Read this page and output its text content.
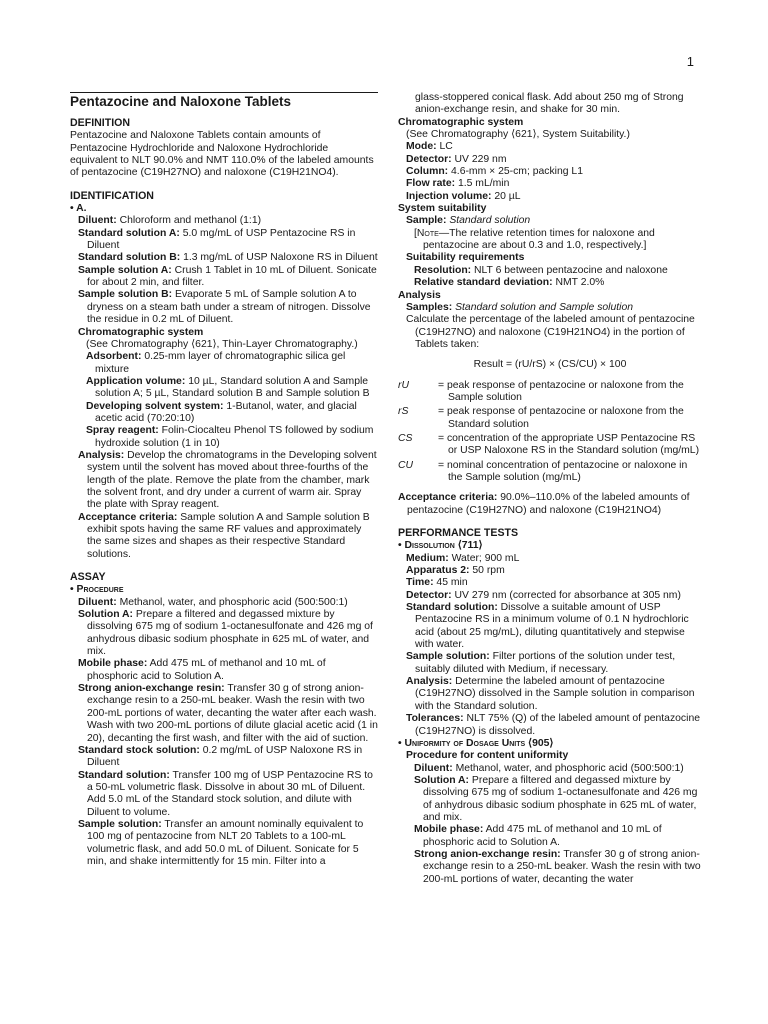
1
Pentazocine and Naloxone Tablets
DEFINITION
Pentazocine and Naloxone Tablets contain amounts of Pentazocine Hydrochloride and Naloxone Hydrochloride equivalent to NLT 90.0% and NMT 110.0% of the labeled amounts of pentazocine (C19H27NO) and naloxone (C19H21NO4).
IDENTIFICATION
• A.
Diluent: Chloroform and methanol (1:1)
Standard solution A: 5.0 mg/mL of USP Pentazocine RS in Diluent
Standard solution B: 1.3 mg/mL of USP Naloxone RS in Diluent
Sample solution A: Crush 1 Tablet in 10 mL of Diluent. Sonicate for about 2 min, and filter.
Sample solution B: Evaporate 5 mL of Sample solution A to dryness on a steam bath under a stream of nitrogen. Dissolve the residue in 0.2 mL of Diluent.
Chromatographic system
(See Chromatography ⟨621⟩, Thin-Layer Chromatography.)
Adsorbent: 0.25-mm layer of chromatographic silica gel mixture
Application volume: 10 µL, Standard solution A and Sample solution A; 5 µL, Standard solution B and Sample solution B
Developing solvent system: 1-Butanol, water, and glacial acetic acid (70:20:10)
Spray reagent: Folin-Ciocalteu Phenol TS followed by sodium hydroxide solution (1 in 10)
Analysis: Develop the chromatograms in the Developing solvent system until the solvent has moved about three-fourths of the length of the plate. Remove the plate from the chamber, mark the solvent front, and dry under a current of warm air. Spray the plate with Spray reagent.
Acceptance criteria: Sample solution A and Sample solution B exhibit spots having the same RF values and approximately the same sizes and shapes as their respective Standard solutions.
ASSAY
• Procedure
Diluent: Methanol, water, and phosphoric acid (500:500:1)
Solution A: Prepare a filtered and degassed mixture by dissolving 675 mg of sodium 1-octanesulfonate and 426 mg of anhydrous dibasic sodium phosphate in 625 mL of water, and mix.
Mobile phase: Add 475 mL of methanol and 10 mL of phosphoric acid to Solution A.
Strong anion-exchange resin: Transfer 30 g of strong anion-exchange resin to a 250-mL beaker. Wash the resin with two 200-mL portions of water, decanting the water after each wash. Wash with two 200-mL portions of dilute glacial acetic acid (1 in 20), decanting the first wash, and filter with the aid of suction.
Standard stock solution: 0.2 mg/mL of USP Naloxone RS in Diluent
Standard solution: Transfer 100 mg of USP Pentazocine RS to a 50-mL volumetric flask. Dissolve in about 30 mL of Diluent. Add 5.0 mL of the Standard stock solution, and dilute with Diluent to volume.
Sample solution: Transfer an amount nominally equivalent to 100 mg of pentazocine from NLT 20 Tablets to a 100-mL volumetric flask, and add 50.0 mL of Diluent. Sonicate for 5 min, and shake intermittently for 15 min. Filter into a
glass-stoppered conical flask. Add about 250 mg of Strong anion-exchange resin, and shake for 30 min.
Chromatographic system
(See Chromatography ⟨621⟩, System Suitability.)
Mode: LC
Detector: UV 229 nm
Column: 4.6-mm × 25-cm; packing L1
Flow rate: 1.5 mL/min
Injection volume: 20 µL
System suitability
Sample: Standard solution
[Note—The relative retention times for naloxone and pentazocine are about 0.3 and 1.0, respectively.]
Suitability requirements
Resolution: NLT 6 between pentazocine and naloxone
Relative standard deviation: NMT 2.0%
Analysis
Samples: Standard solution and Sample solution
Calculate the percentage of the labeled amount of pentazocine (C19H27NO) and naloxone (C19H21NO4) in the portion of Tablets taken:
Result = (rU/rS) × (CS/CU) × 100
rU	= peak response of pentazocine or naloxone from the Sample solution
rS	= peak response of pentazocine or naloxone from the Standard solution
CS	= concentration of the appropriate USP Pentazocine RS or USP Naloxone RS in the Standard solution (mg/mL)
CU	= nominal concentration of pentazocine or naloxone in the Sample solution (mg/mL)
Acceptance criteria: 90.0%–110.0% of the labeled amounts of pentazocine (C19H27NO) and naloxone (C19H21NO4)
PERFORMANCE TESTS
• Dissolution ⟨711⟩
Medium: Water; 900 mL
Apparatus 2: 50 rpm
Time: 45 min
Detector: UV 279 nm (corrected for absorbance at 305 nm)
Standard solution: Dissolve a suitable amount of USP Pentazocine RS in a minimum volume of 0.1 N hydrochloric acid (about 25 mg/mL), diluting quantitatively and stepwise with water.
Sample solution: Filter portions of the solution under test, suitably diluted with Medium, if necessary.
Analysis: Determine the labeled amount of pentazocine (C19H27NO) dissolved in the Sample solution in comparison with the Standard solution.
Tolerances: NLT 75% (Q) of the labeled amount of pentazocine (C19H27NO) is dissolved.
• Uniformity of Dosage Units ⟨905⟩
Procedure for content uniformity
Diluent: Methanol, water, and phosphoric acid (500:500:1)
Solution A: Prepare a filtered and degassed mixture by dissolving 675 mg of sodium 1-octanesulfonate and 426 mg of anhydrous dibasic sodium phosphate in 625 mL of water, and mix.
Mobile phase: Add 475 mL of methanol and 10 mL of phosphoric acid to Solution A.
Strong anion-exchange resin: Transfer 30 g of strong anion-exchange resin to a 250-mL beaker. Wash the resin with two 200-mL portions of water, decanting the water
